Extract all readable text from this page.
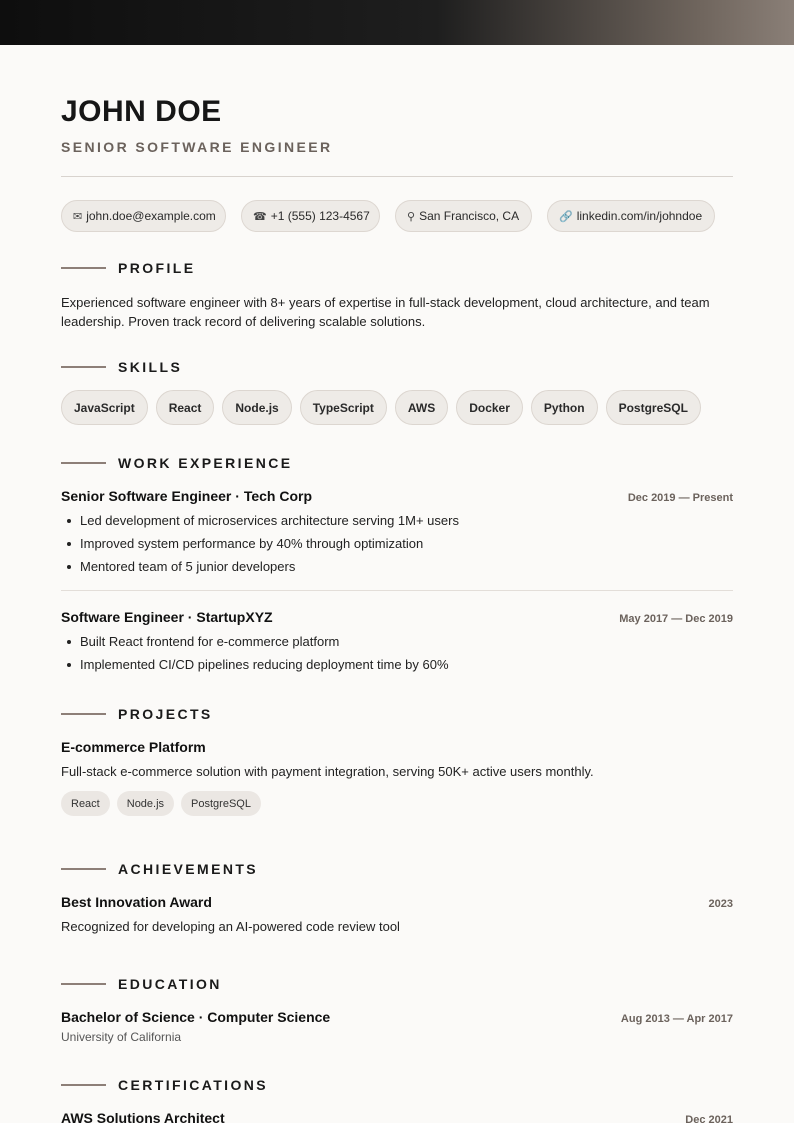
JOHN DOE
SENIOR SOFTWARE ENGINEER
✉ john.doe@example.com	☎ +1 (555) 123-4567	⚲ San Francisco, CA	🔗 linkedin.com/in/johndoe
PROFILE

Experienced software engineer with 8+ years of expertise in full-stack development, cloud architecture, and team leadership. Proven track record of delivering scalable solutions.

SKILLS
JavaScript	React	Node.js	TypeScript	AWS	Docker	Python	PostgreSQL
WORK EXPERIENCE
Senior Software Engineer · Tech Corp	Dec 2019 — Present
Led development of microservices architecture serving 1M+ users
Improved system performance by 40% through optimization
Mentored team of 5 junior developers
Software Engineer · StartupXYZ	May 2017 — Dec 2019
Built React frontend for e-commerce platform
Implemented CI/CD pipelines reducing deployment time by 60%
PROJECTS
E-commerce Platform

Full-stack e-commerce solution with payment integration, serving 50K+ active users monthly.

React	Node.js	PostgreSQL
ACHIEVEMENTS
Best Innovation Award	2023

Recognized for developing an AI-powered code review tool

EDUCATION
Bachelor of Science · Computer Science	Aug 2013 — Apr 2017
University of California
CERTIFICATIONS
AWS Solutions Architect	Dec 2021
